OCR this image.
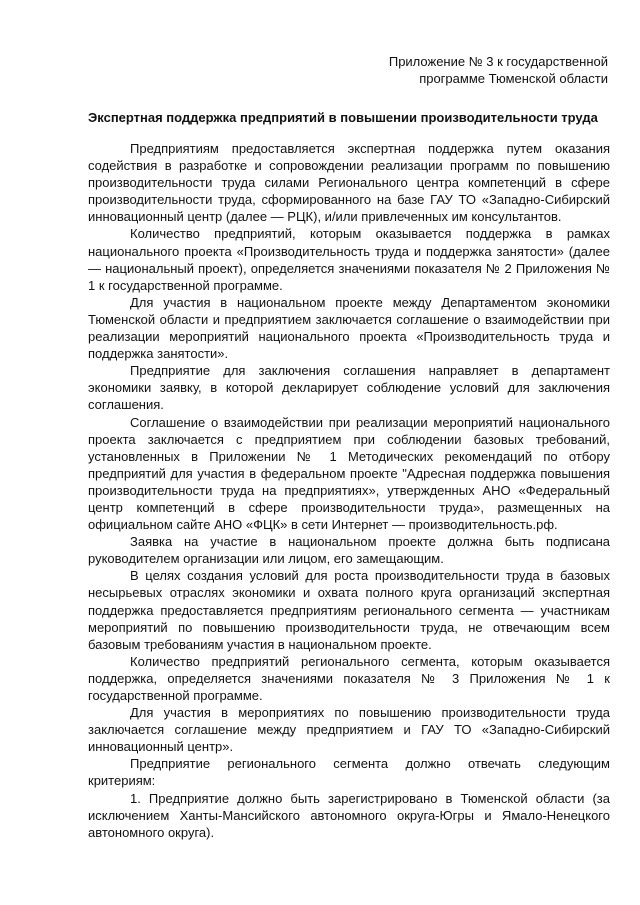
Приложение № 3 к государственной
программе Тюменской области
Экспертная поддержка предприятий в повышении производительности труда

Предприятиям предоставляется экспертная поддержка путем оказания содействия в разработке и сопровождении реализации программ по повышению производительности труда силами Регионального центра компетенций в сфере производительности труда, сформированного на базе ГАУ ТО «Западно-Сибирский инновационный центр (далее — РЦК), и/или привлеченных им консультантов.

Количество предприятий, которым оказывается поддержка в рамках национального проекта «Производительность труда и поддержка занятости» (далее — национальный проект), определяется значениями показателя № 2 Приложения № 1 к государственной программе.

Для участия в национальном проекте между Департаментом экономики Тюменской области и предприятием заключается соглашение о взаимодействии при реализации мероприятий национального проекта «Производительность труда и поддержка занятости».

Предприятие для заключения соглашения направляет в департамент экономики заявку, в которой декларирует соблюдение условий для заключения соглашения.

Соглашение о взаимодействии при реализации мероприятий национального проекта заключается с предприятием при соблюдении базовых требований, установленных в Приложении № 1 Методических рекомендаций по отбору предприятий для участия в федеральном проекте "Адресная поддержка повышения производительности труда на предприятиях», утвержденных АНО «Федеральный центр компетенций в сфере производительности труда», размещенных на официальном сайте АНО «ФЦК» в сети Интернет — производительность.рф.

Заявка на участие в национальном проекте должна быть подписана руководителем организации или лицом, его замещающим.

В целях создания условий для роста производительности труда в базовых несырьевых отраслях экономики и охвата полного круга организаций экспертная поддержка предоставляется предприятиям регионального сегмента — участникам мероприятий по повышению производительности труда, не отвечающим всем базовым требованиям участия в национальном проекте.

Количество предприятий регионального сегмента, которым оказывается поддержка, определяется значениями показателя № 3 Приложения № 1 к государственной программе.

Для участия в мероприятиях по повышению производительности труда заключается соглашение между предприятием и ГАУ ТО «Западно-Сибирский инновационный центр».

Предприятие регионального сегмента должно отвечать следующим критериям:

1. Предприятие должно быть зарегистрировано в Тюменской области (за исключением Ханты-Мансийского автономного округа-Югры и Ямало-Ненецкого автономного округа).
